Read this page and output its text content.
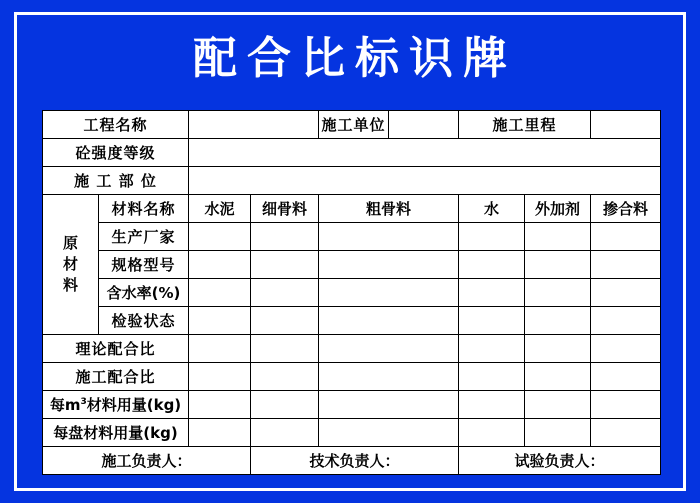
配合比标识牌
工程名称				施工单位		施工里程			
砼强度等级									
施 工 部 位									
原
材
料	材料名称	水泥	细骨料	粗骨料		水	外加剂	掺合料	
	生产厂家								
	规格型号								
	含水率(%)								
	检验状态								
理论配合比									
施工配合比									
每$m^3$材料用量(kg)									
每盘材料用量(kg)									
施工负责人：			技术负责人：			试验负责人：			
